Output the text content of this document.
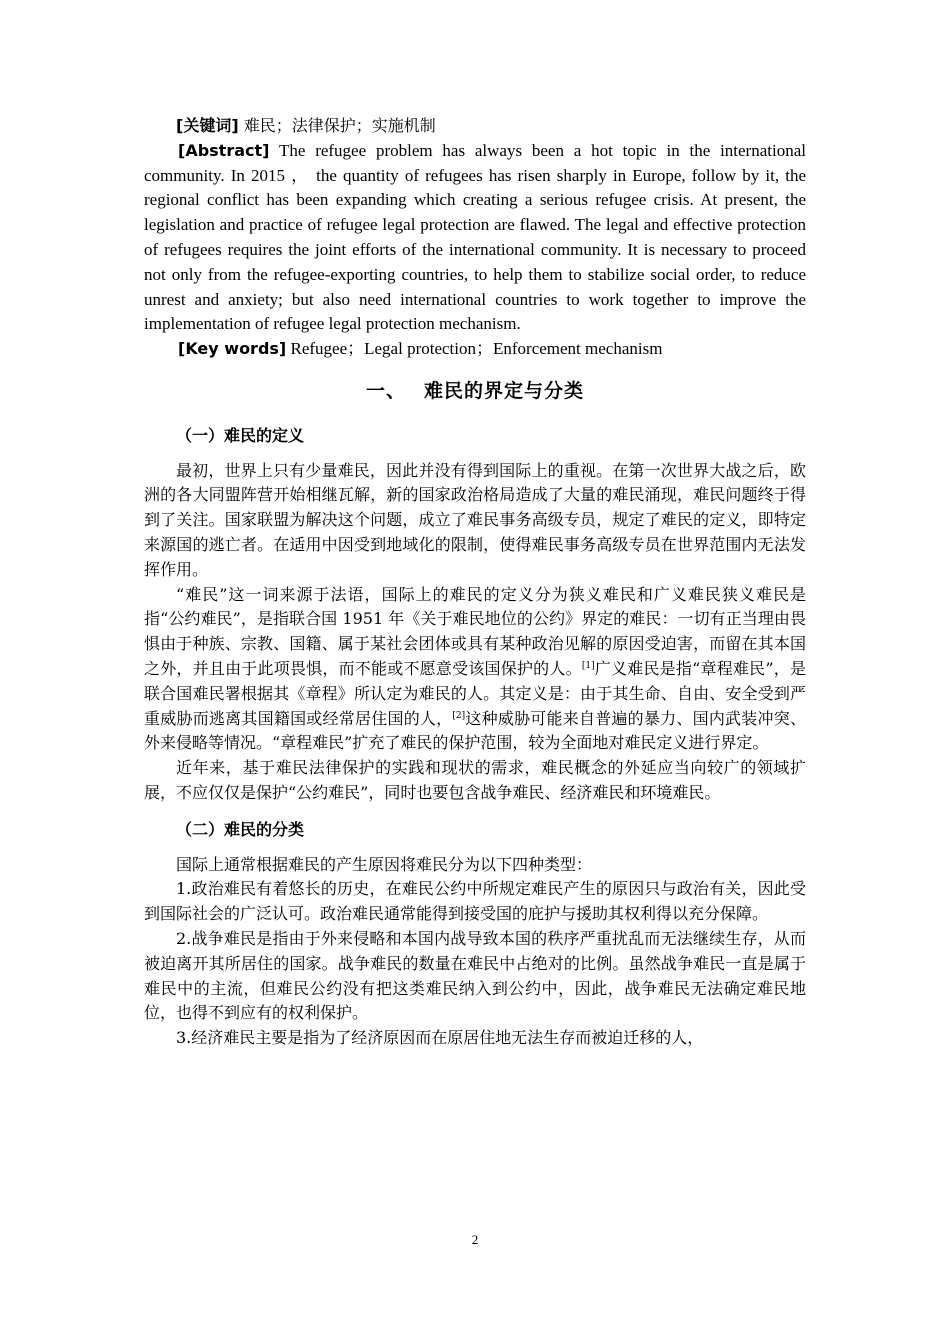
[关键词] 难民；法律保护；实施机制

[Abstract] The refugee problem has always been a hot topic in the international community. In 2015 ， the quantity of refugees has risen sharply in Europe, follow by it, the regional conflict has been expanding which creating a serious refugee crisis. At present, the legislation and practice of refugee legal protection are flawed. The legal and effective protection of refugees requires the joint efforts of the international community. It is necessary to proceed not only from the refugee-exporting countries, to help them to stabilize social order, to reduce unrest and anxiety; but also need international countries to work together to improve the implementation of refugee legal protection mechanism.

[Key words] Refugee；Legal protection；Enforcement mechanism

一、 难民的界定与分类
（一）难民的定义

最初，世界上只有少量难民，因此并没有得到国际上的重视。在第一次世界大战之后，欧洲的各大同盟阵营开始相继瓦解，新的国家政治格局造成了大量的难民涌现，难民问题终于得到了关注。国家联盟为解决这个问题，成立了难民事务高级专员，规定了难民的定义，即特定来源国的逃亡者。在适用中因受到地域化的限制，使得难民事务高级专员在世界范围内无法发挥作用。

“难民”这一词来源于法语，国际上的难民的定义分为狭义难民和广义难民狭义难民是指“公约难民”，是指联合国 1951 年《关于难民地位的公约》界定的难民：一切有正当理由畏惧由于种族、宗教、国籍、属于某社会团体或具有某种政治见解的原因受迫害，而留在其本国之外，并且由于此项畏惧，而不能或不愿意受该国保护的人。[1]广义难民是指“章程难民”，是联合国难民署根据其《章程》所认定为难民的人。其定义是：由于其生命、自由、安全受到严重威胁而逃离其国籍国或经常居住国的人，[2]这种威胁可能来自普遍的暴力、国内武装冲突、外来侵略等情况。“章程难民”扩充了难民的保护范围，较为全面地对难民定义进行界定。

近年来，基于难民法律保护的实践和现状的需求，难民概念的外延应当向较广的领域扩展，不应仅仅是保护“公约难民”，同时也要包含战争难民、经济难民和环境难民。

（二）难民的分类

国际上通常根据难民的产生原因将难民分为以下四种类型：

1.政治难民有着悠长的历史，在难民公约中所规定难民产生的原因只与政治有关，因此受到国际社会的广泛认可。政治难民通常能得到接受国的庇护与援助其权利得以充分保障。

2.战争难民是指由于外来侵略和本国内战导致本国的秩序严重扰乱而无法继续生存，从而被迫离开其所居住的国家。战争难民的数量在难民中占绝对的比例。虽然战争难民一直是属于难民中的主流，但难民公约没有把这类难民纳入到公约中，因此，战争难民无法确定难民地位，也得不到应有的权利保护。

3.经济难民主要是指为了经济原因而在原居住地无法生存而被迫迁移的人，

2
